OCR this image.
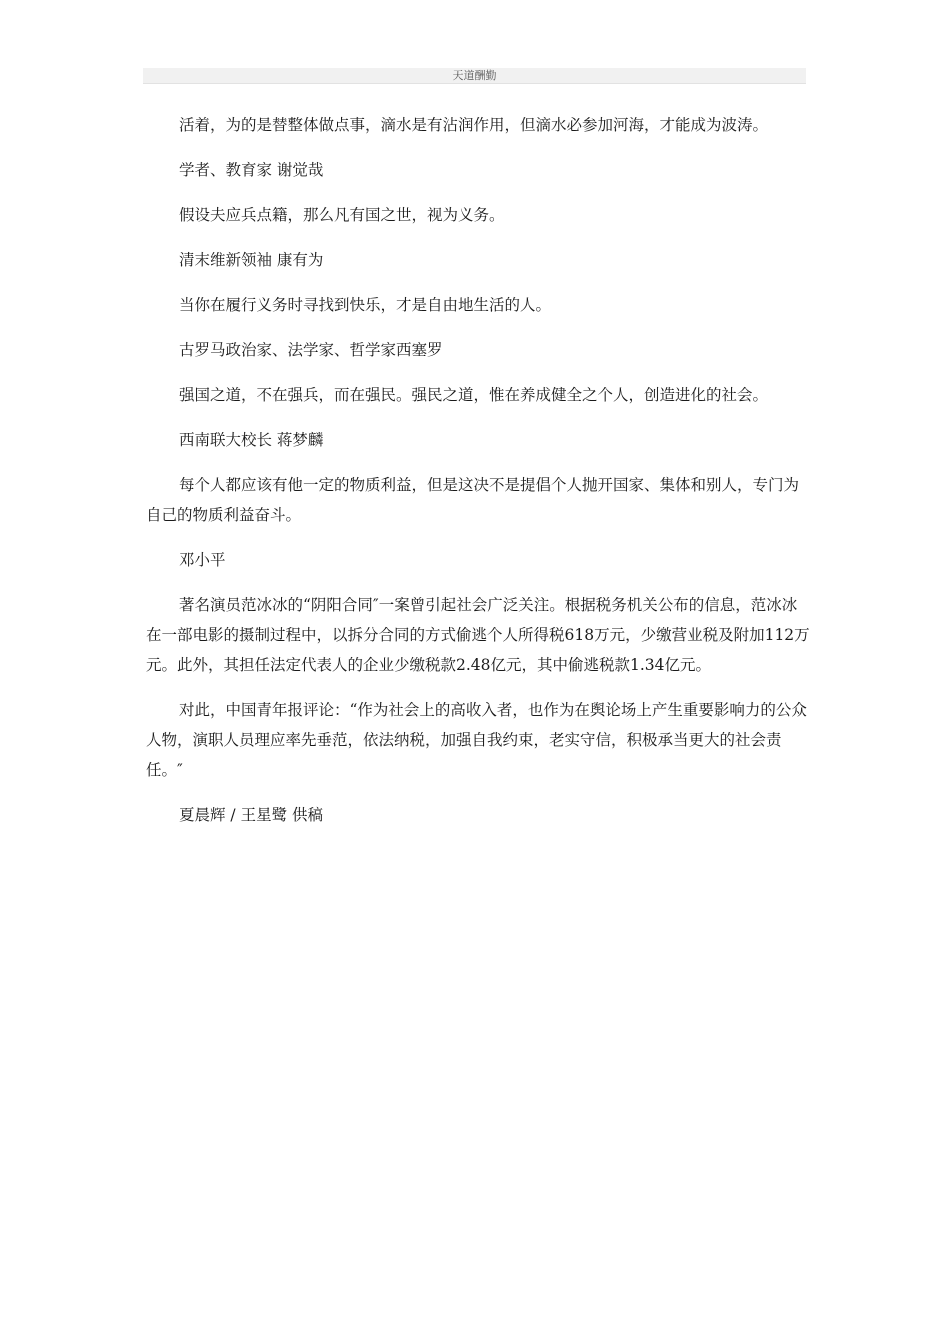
天道酬勤

活着，为的是替整体做点事，滴水是有沾润作用，但滴水必参加河海，才能成为波涛。

学者、教育家 谢觉哉

假设夫应兵点籍，那么凡有国之世，视为义务。

清末维新领袖 康有为

当你在履行义务时寻找到快乐，才是自由地生活的人。

古罗马政治家、法学家、哲学家西塞罗

强国之道，不在强兵，而在强民。强民之道，惟在养成健全之个人，创造进化的社会。

西南联大校长 蒋梦麟

每个人都应该有他一定的物质利益，但是这决不是提倡个人抛开国家、集体和别人，专门为自己的物质利益奋斗。

邓小平

著名演员范冰冰的“阴阳合同″一案曾引起社会广泛关注。根据税务机关公布的信息，范冰冰在一部电影的摄制过程中，以拆分合同的方式偷逃个人所得税618万元，少缴营业税及附加112万元。此外，其担任法定代表人的企业少缴税款2.48亿元，其中偷逃税款1.34亿元。

对此，中国青年报评论：“作为社会上的高收入者，也作为在舆论场上产生重要影响力的公众人物，演职人员理应率先垂范，依法纳税，加强自我约束，老实守信，积极承当更大的社会责任。″

夏晨辉 / 王星鹭 供稿
